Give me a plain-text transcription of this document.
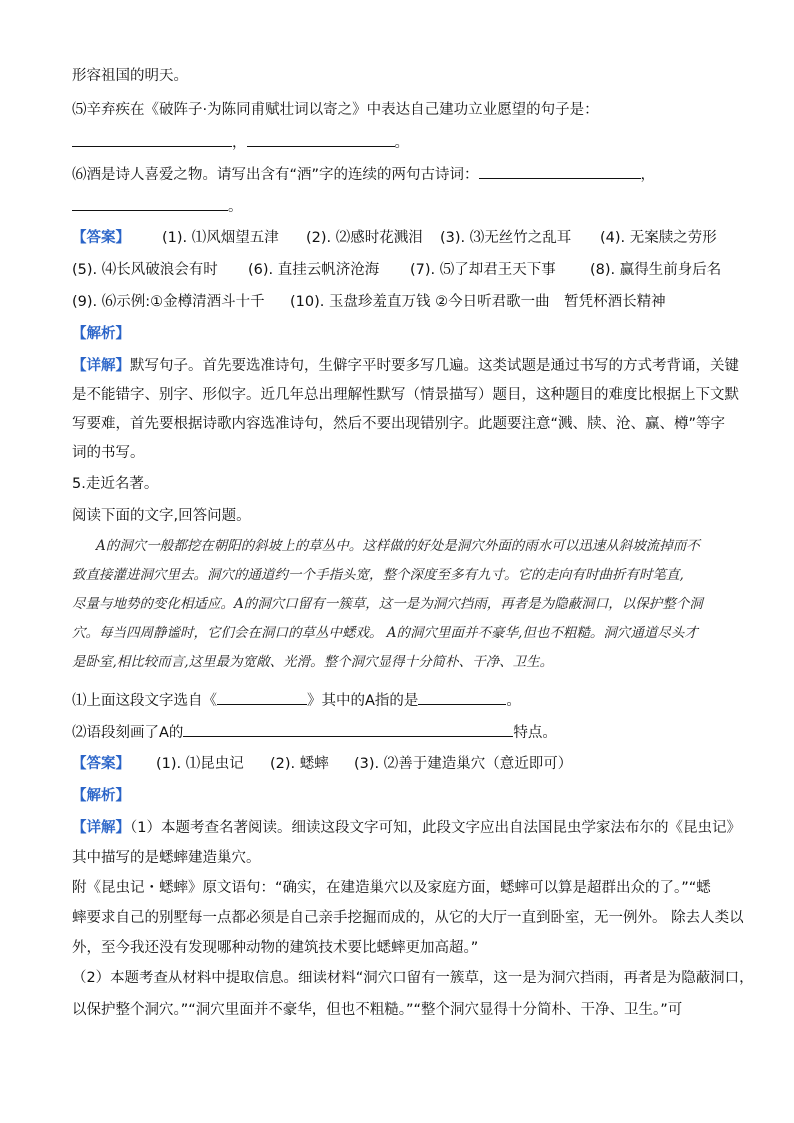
形容祖国的明天。
⑸辛弃疾在《破阵子·为陈同甫赋壮词以寄之》中表达自己建功立业愿望的句子是：
，	。
⑹酒是诗人喜爱之物。请写出含有“酒”字的连续的两句古诗词：	，
。
【答案】 (1). ⑴风烟望五津 (2). ⑵感时花溅泪 (3). ⑶无丝竹之乱耳 (4). 无案牍之劳形
(5). ⑷长风破浪会有时 (6). 直挂云帆济沧海 (7). ⑸了却君王天下事 (8). 赢得生前身后名
(9). ⑹示例:①金樽清酒斗十千 (10). 玉盘珍羞直万钱 ②今日听君歌一曲　暂凭杯酒长精神
【解析】
【详解】默写句子。首先要选准诗句，生僻字平时要多写几遍。这类试题是通过书写的方式考背诵，关键
是不能错字、别字、形似字。近几年总出理解性默写（情景描写）题目，这种题目的难度比根据上下文默
写要难，首先要根据诗歌内容选准诗句，然后不要出现错别字。此题要注意“溅、牍、沧、赢、樽”等字
词的书写。
5.走近名著。
阅读下面的文字,回答问题。
A的洞穴一般都挖在朝阳的斜坡上的草丛中。这样做的好处是洞穴外面的雨水可以迅速从斜坡流掉而不
致直接灌进洞穴里去。洞穴的通道约一个手指头宽，整个深度至多有九寸。它的走向有时曲折有时笔直,
尽量与地势的变化相适应。A的洞穴口留有一簇草，这一是为洞穴挡雨，再者是为隐蔽洞口，以保护整个洞
穴。每当四周静谧时，它们会在洞口的草丛中蟋戏。 A的洞穴里面并不豪华,但也不粗糙。洞穴通道尽头才
是卧室,相比较而言,这里最为宽敞、光滑。整个洞穴显得十分简朴、干净、卫生。
⑴上面这段文字选自《	》其中的A指的是	。
⑵语段刻画了A的	特点。
【答案】 (1). ⑴昆虫记 (2). 蟋蟀 (3). ⑵善于建造巢穴（意近即可）
【解析】
【详解】（1）本题考查名著阅读。细读这段文字可知，此段文字应出自法国昆虫学家法布尔的《昆虫记》
其中描写的是蟋蟀建造巢穴。
附《昆虫记・蟋蟀》原文语句：“确实，在建造巢穴以及家庭方面，蟋蟀可以算是超群出众的了。”“蟋
蟀要求自己的别墅每一点都必须是自己亲手挖掘而成的，从它的大厅一直到卧室，无一例外。 除去人类以
外，至今我还没有发现哪种动物的建筑技术要比蟋蟀更加高超。”
（2）本题考查从材料中提取信息。细读材料“洞穴口留有一簇草，这一是为洞穴挡雨，再者是为隐蔽洞口，
以保护整个洞穴。”“洞穴里面并不豪华，但也不粗糙。”“整个洞穴显得十分简朴、干净、卫生。”可
